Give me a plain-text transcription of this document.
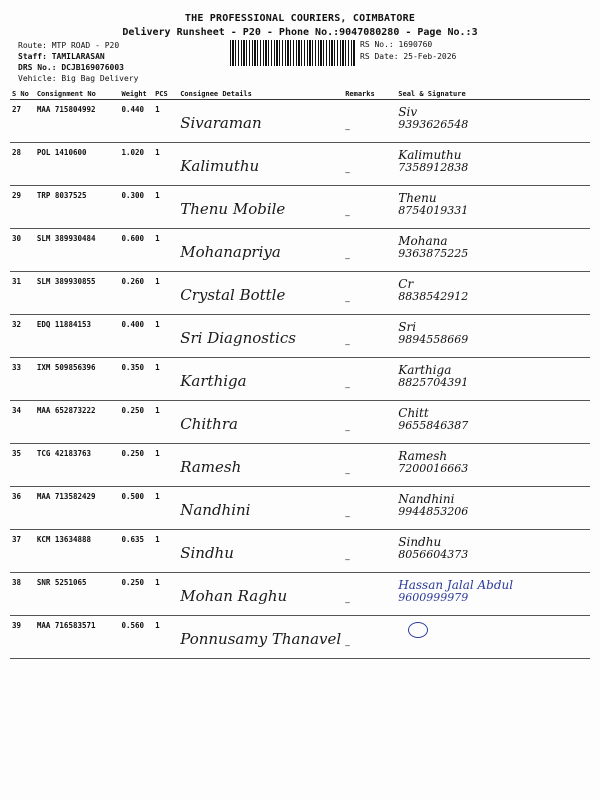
THE PROFESSIONAL COURIERS, COIMBATORE
Delivery Runsheet - P20 - Phone No.:9047080280 - Page No.:3
Route: MTP ROAD - P20
Staff: TAMILARASAN
DRS No.: DCJB169076003
Vehicle: Big Bag Delivery
RS No.: 1690760
RS Date: 25-Feb-2026
S No	Consignment No	Weight	PCS	Consignee Details	Remarks	Seal & Signature
27	MAA 715804992	0.440	1	Sivaraman	—	Siv
9393626548

28	POL 1410600	1.020	1	Kalimuthu	—	Kalimuthu
7358912838

29	TRP 8037525	0.300	1	Thenu Mobile	—	Thenu
8754019331

30	SLM 389930484	0.600	1	Mohanapriya	—	Mohana
9363875225

31	SLM 389930855	0.260	1	Crystal Bottle	—	Cr
8838542912

32	EDQ 11884153	0.400	1	Sri Diagnostics	—	Sri
9894558669

33	IXM 509856396	0.350	1	Karthiga	—	Karthiga
8825704391

34	MAA 652873222	0.250	1	Chithra	—	Chitt
9655846387

35	TCG 42183763	0.250	1	Ramesh	—	Ramesh
7200016663

36	MAA 713582429	0.500	1	Nandhini	—	Nandhini
9944853206

37	KCM 13634888	0.635	1	Sindhu	—	Sindhu
8056604373

38	SNR 5251065	0.250	1	Mohan Raghu	—	Hassan Jalal Abdul
9600999979

39	MAA 716583571	0.560	1	Ponnusamy Thanavel	—	
